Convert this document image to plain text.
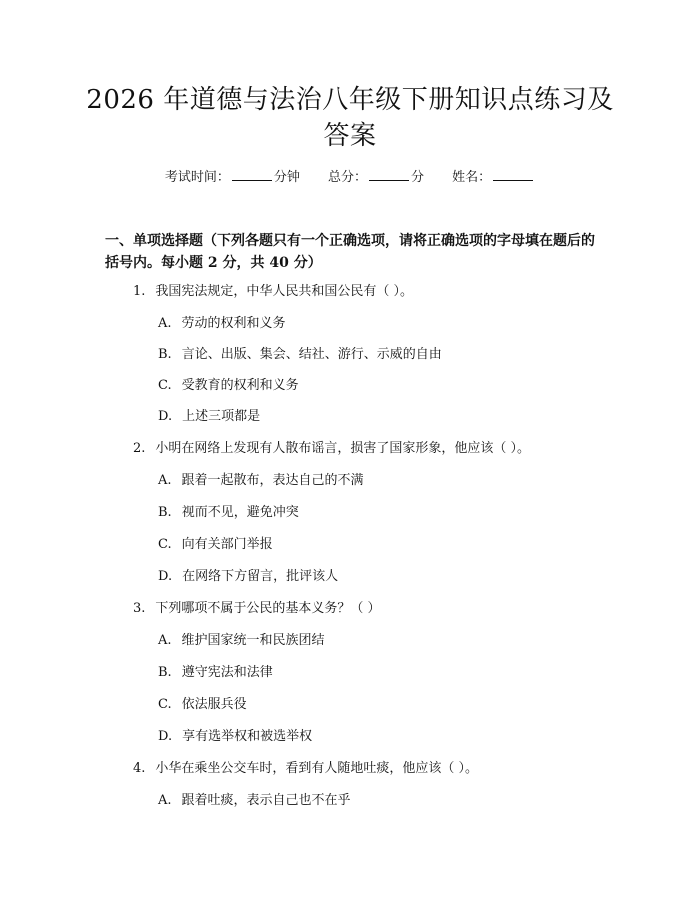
2026 年道德与法治八年级下册知识点练习及
答案
考试时间：	分钟 总分：	分 姓名：
一、单项选择题（下列各题只有一个正确选项，请将正确选项的字母填在题后的括号内。每小题 2 分，共 40 分）
1. 我国宪法规定，中华人民共和国公民有（ ）。
A. 劳动的权利和义务
B. 言论、出版、集会、结社、游行、示威的自由
C. 受教育的权利和义务
D. 上述三项都是
2. 小明在网络上发现有人散布谣言，损害了国家形象，他应该（ ）。
A. 跟着一起散布，表达自己的不满
B. 视而不见，避免冲突
C. 向有关部门举报
D. 在网络下方留言，批评该人
3. 下列哪项不属于公民的基本义务？（ ）
A. 维护国家统一和民族团结
B. 遵守宪法和法律
C. 依法服兵役
D. 享有选举权和被选举权
4. 小华在乘坐公交车时，看到有人随地吐痰，他应该（ ）。
A. 跟着吐痰，表示自己也不在乎
